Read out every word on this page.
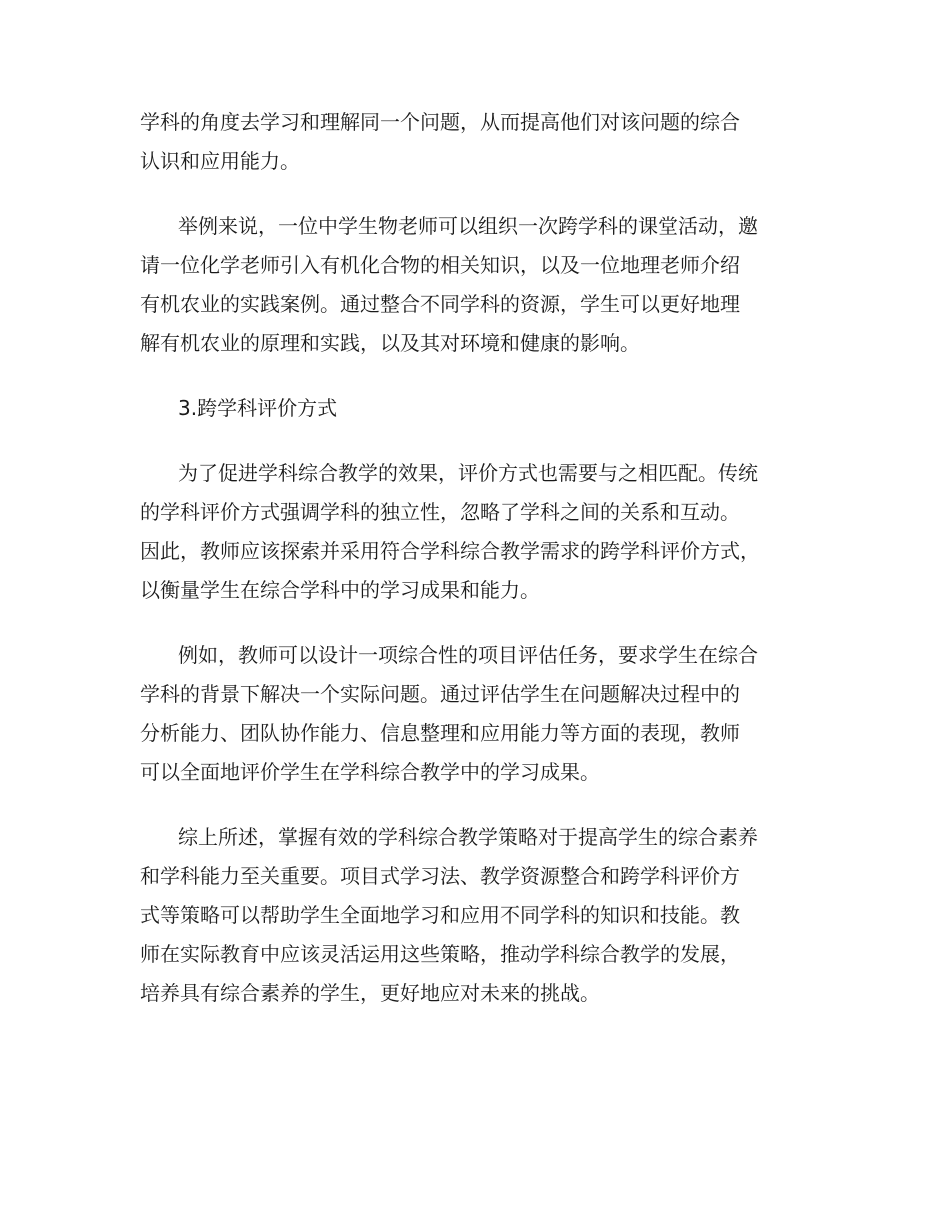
学科的角度去学习和理解同一个问题，从而提高他们对该问题的综合
认识和应用能力。
举例来说，一位中学生物老师可以组织一次跨学科的课堂活动，邀
请一位化学老师引入有机化合物的相关知识，以及一位地理老师介绍
有机农业的实践案例。通过整合不同学科的资源，学生可以更好地理
解有机农业的原理和实践，以及其对环境和健康的影响。
3.跨学科评价方式
为了促进学科综合教学的效果，评价方式也需要与之相匹配。传统
的学科评价方式强调学科的独立性，忽略了学科之间的关系和互动。
因此，教师应该探索并采用符合学科综合教学需求的跨学科评价方式，
以衡量学生在综合学科中的学习成果和能力。
例如，教师可以设计一项综合性的项目评估任务，要求学生在综合
学科的背景下解决一个实际问题。通过评估学生在问题解决过程中的
分析能力、团队协作能力、信息整理和应用能力等方面的表现，教师
可以全面地评价学生在学科综合教学中的学习成果。
综上所述，掌握有效的学科综合教学策略对于提高学生的综合素养
和学科能力至关重要。项目式学习法、教学资源整合和跨学科评价方
式等策略可以帮助学生全面地学习和应用不同学科的知识和技能。教
师在实际教育中应该灵活运用这些策略，推动学科综合教学的发展，
培养具有综合素养的学生，更好地应对未来的挑战。
